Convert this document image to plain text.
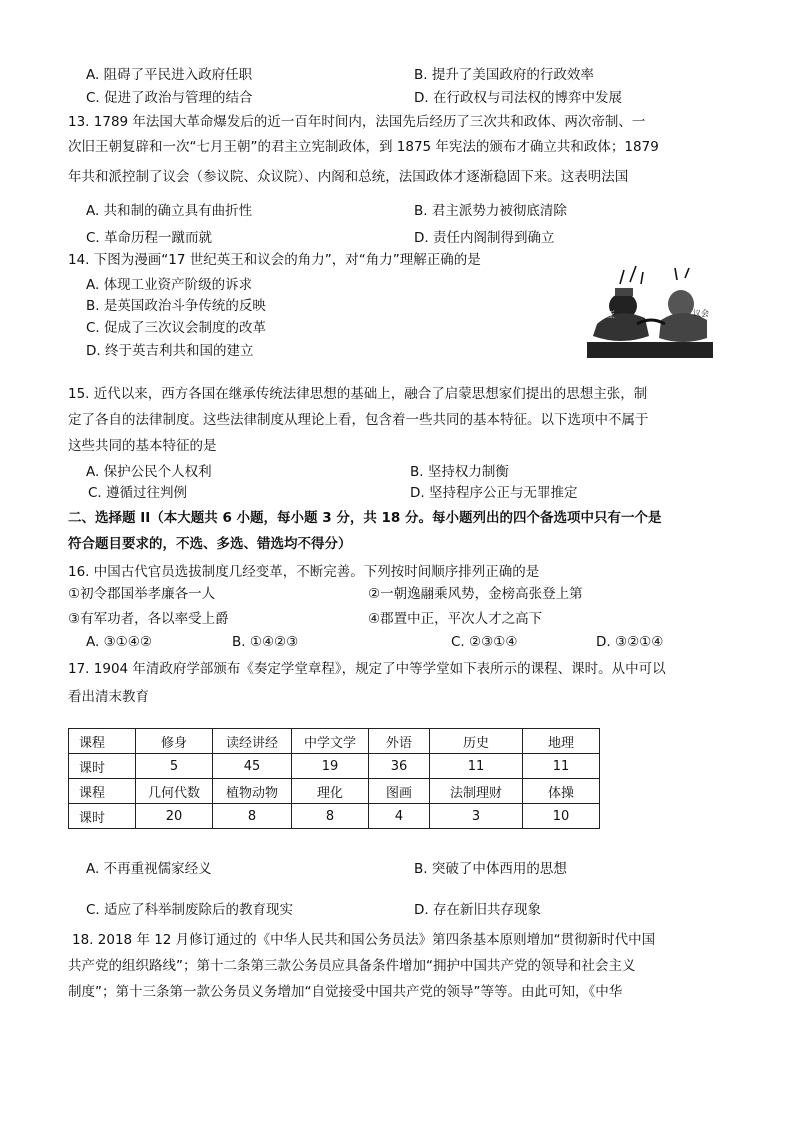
A. 阻碍了平民进入政府任职	B. 提升了美国政府的行政效率
C. 促进了政治与管理的结合	D. 在行政权与司法权的博弈中发展
13. 1789 年法国大革命爆发后的近一百年时间内，法国先后经历了三次共和政体、两次帝制、一
次旧王朝复辟和一次“七月王朝”的君主立宪制政体，到 1875 年宪法的颁布才确立共和政体；1879
年共和派控制了议会（参议院、众议院）、内阁和总统，法国政体才逐渐稳固下来。这表明法国
A. 共和制的确立具有曲折性	B. 君主派势力被彻底清除
C. 革命历程一蹴而就	D. 责任内阁制得到确立
14. 下图为漫画“17 世纪英王和议会的角力”，对“角力”理解正确的是
A. 体现工业资产阶级的诉求
B. 是英国政治斗争传统的反映
C. 促成了三次议会制度的改革
D. 终于英吉利共和国的建立
国王	议会
15. 近代以来，西方各国在继承传统法律思想的基础上，融合了启蒙思想家们提出的思想主张，制
定了各自的法律制度。这些法律制度从理论上看，包含着一些共同的基本特征。以下选项中不属于
这些共同的基本特征的是
A. 保护公民个人权利	B. 坚持权力制衡
C. 遵循过往判例	D. 坚持程序公正与无罪推定
二、选择题 II（本大题共 6 小题，每小题 3 分，共 18 分。每小题列出的四个备选项中只有一个是
符合题目要求的，不选、多选、错选均不得分）
16. 中国古代官员选拔制度几经变革，不断完善。下列按时间顺序排列正确的是
①初令郡国举孝廉各一人	②一朝逸翮乘风势，金榜高张登上第
③有军功者，各以率受上爵	④郡置中正，平次人才之高下
A. ③①④②	B. ①④②③	C. ②③①④	D. ③②①④
17. 1904 年清政府学部颁布《奏定学堂章程》，规定了中等学堂如下表所示的课程、课时。从中可以
看出清末教育
课程	修身	读经讲经	中学文学	外语	历史	地理
课时	5	45	19	36	11	11
课程	几何代数	植物动物	理化	图画	法制理财	体操
课时	20	8	8	4	3	10
A. 不再重视儒家经义	B. 突破了中体西用的思想
C. 适应了科举制废除后的教育现实	D. 存在新旧共存现象
18. 2018 年 12 月修订通过的《中华人民共和国公务员法》第四条基本原则增加“贯彻新时代中国
共产党的组织路线”；第十二条第三款公务员应具备条件增加“拥护中国共产党的领导和社会主义
制度”；第十三条第一款公务员义务增加“自觉接受中国共产党的领导”等等。由此可知，《中华
